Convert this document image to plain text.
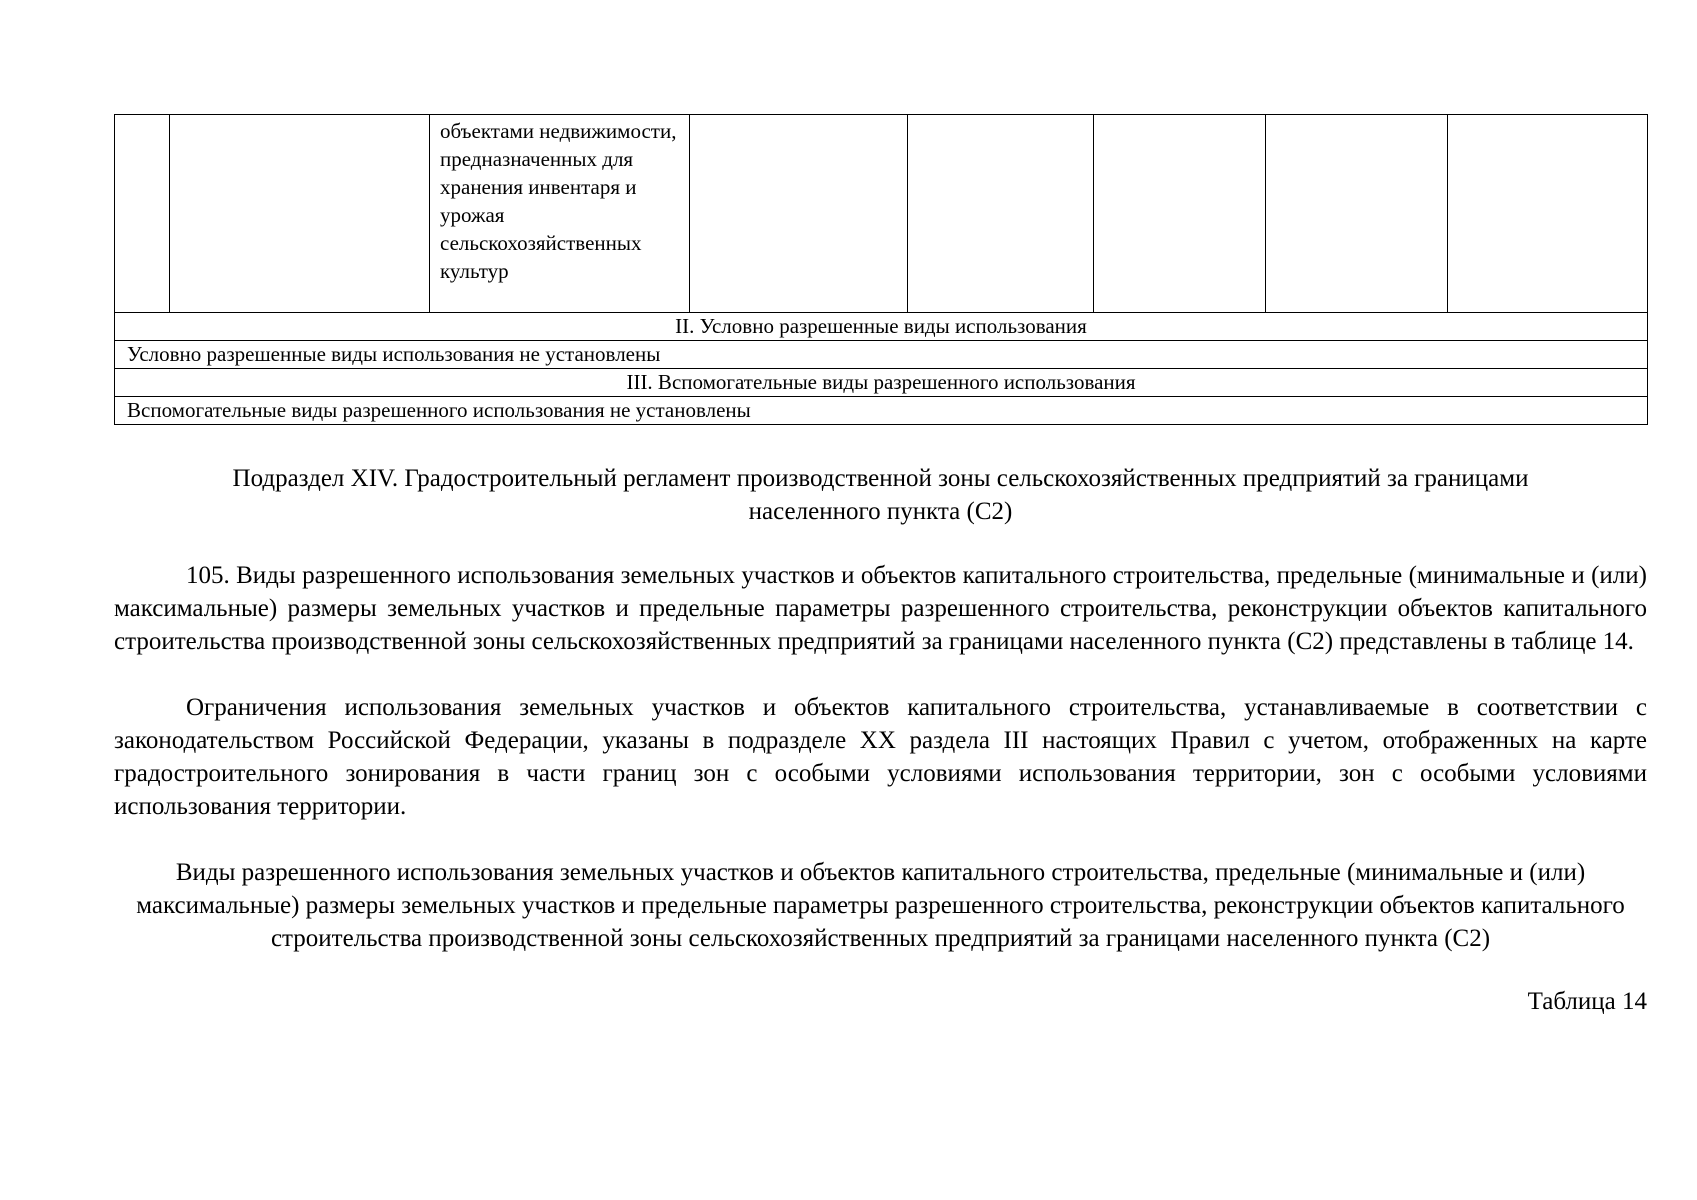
		объектами недвижимости, предназначенных для хранения инвентаря и урожая сельскохозяйственных культур					
II. Условно разрешенные виды использования
Условно разрешенные виды использования не установлены
III. Вспомогательные виды разрешенного использования
Вспомогательные виды разрешенного использования не установлены
Подраздел XIV. Градостроительный регламент производственной зоны сельскохозяйственных предприятий за границами населенного пункта (С2)
105. Виды разрешенного использования земельных участков и объектов капитального строительства, предельные (минимальные и (или) максимальные) размеры земельных участков и предельные параметры разрешенного строительства, реконструкции объектов капитального строительства производственной зоны сельскохозяйственных предприятий за границами населенного пункта (С2) представлены в таблице 14.
Ограничения использования земельных участков и объектов капитального строительства, устанавливаемые в соответствии с законодательством Российской Федерации, указаны в подразделе XX раздела III настоящих Правил с учетом, отображенных на карте градостроительного зонирования в части границ зон с особыми условиями использования территории, зон с особыми условиями использования территории.
Виды разрешенного использования земельных участков и объектов капитального строительства, предельные (минимальные и (или) максимальные) размеры земельных участков и предельные параметры разрешенного строительства, реконструкции объектов капитального строительства производственной зоны сельскохозяйственных предприятий за границами населенного пункта (С2)
Таблица 14
